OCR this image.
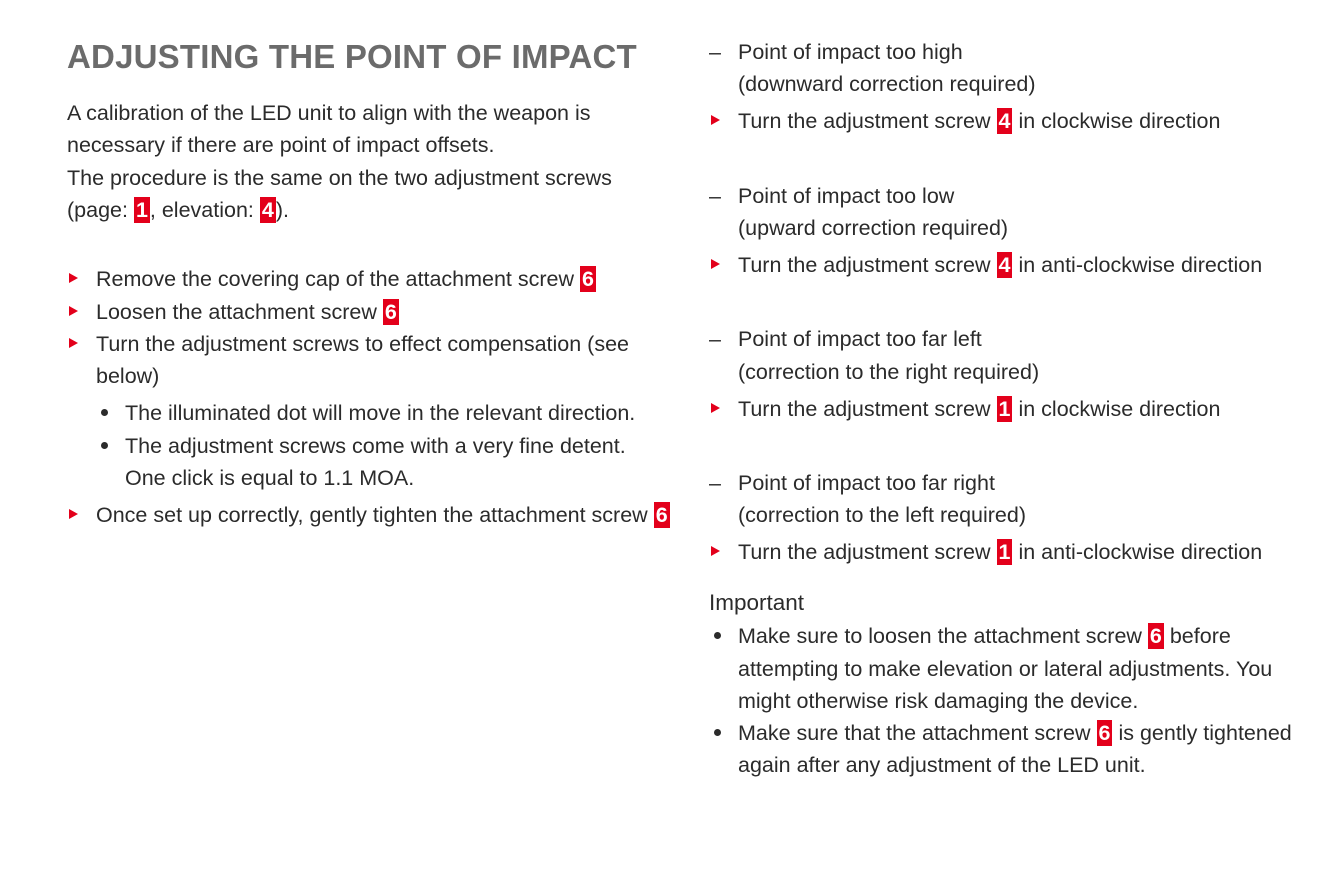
ADJUSTING THE POINT OF IMPACT
A calibration of the LED unit to align with the weapon is
necessary if there are point of impact offsets.
The procedure is the same on the two adjustment screws
(page: 1, elevation: 4).
Remove the covering cap of the attachment screw 6
Loosen the attachment screw 6
Turn the adjustment screws to effect compensation (see
below)
The illuminated dot will move in the relevant direction.
The adjustment screws come with a very fine detent.
One click is equal to 1.1 MOA.
Once set up correctly, gently tighten the attachment screw 6
– Point of impact too high
(downward correction required)
Turn the adjustment screw 4 in clockwise direction
– Point of impact too low
(upward correction required)
Turn the adjustment screw 4 in anti-clockwise direction
– Point of impact too far left
(correction to the right required)
Turn the adjustment screw 1 in clockwise direction
– Point of impact too far right
(correction to the left required)
Turn the adjustment screw 1 in anti-clockwise direction
Important
Make sure to loosen the attachment screw 6 before
attempting to make elevation or lateral adjustments. You
might otherwise risk damaging the device.
Make sure that the attachment screw 6 is gently tightened
again after any adjustment of the LED unit.
